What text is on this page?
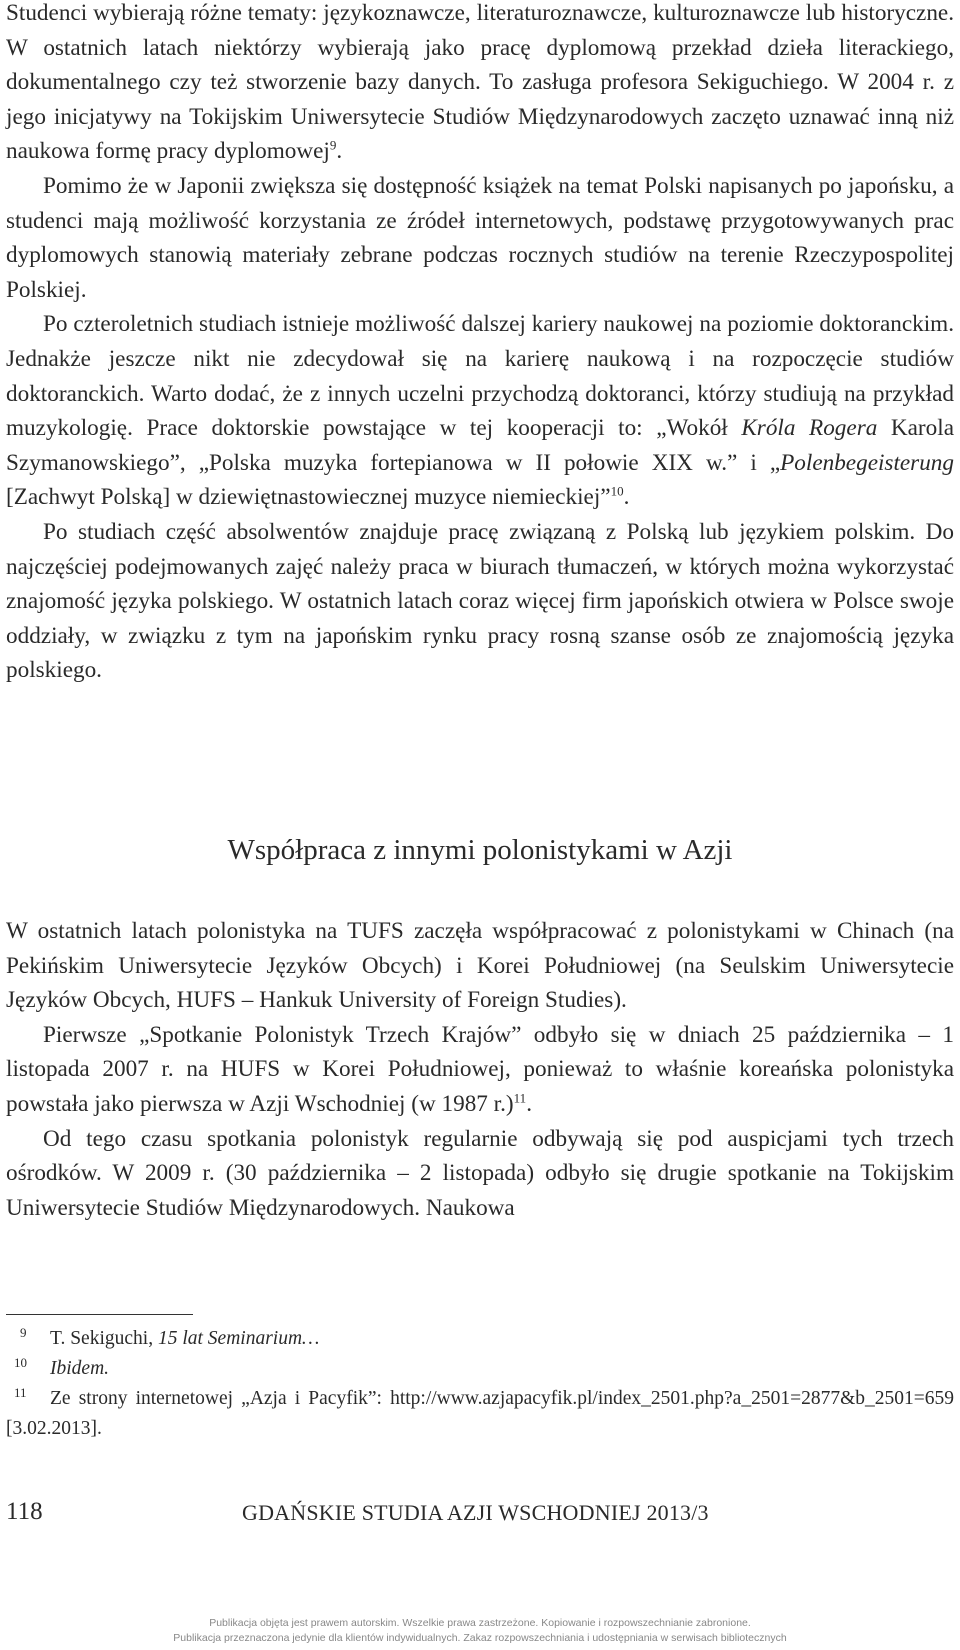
Studenci wybierają różne tematy: językoznawcze, literaturoznawcze, kulturoznawcze lub historyczne. W ostatnich latach niektórzy wybierają jako pracę dyplomową przekład dzieła literackiego, dokumentalnego czy też stworzenie bazy danych. To zasługa profesora Sekiguchiego. W 2004 r. z jego inicjatywy na Tokijskim Uniwersytecie Studiów Międzynarodowych zaczęto uznawać inną niż naukowa formę pracy dyplomowej$^9$.

Pomimo że w Japonii zwiększa się dostępność książek na temat Polski napisanych po japońsku, a studenci mają możliwość korzystania ze źródeł internetowych, podstawę przygotowywanych prac dyplomowych stanowią materiały zebrane podczas rocznych studiów na terenie Rzeczypospolitej Polskiej.

Po czteroletnich studiach istnieje możliwość dalszej kariery naukowej na poziomie doktoranckim. Jednakże jeszcze nikt nie zdecydował się na karierę naukową i na rozpoczęcie studiów doktoranckich. Warto dodać, że z innych uczelni przychodzą doktoranci, którzy studiują na przykład muzykologię. Prace doktorskie powstające w tej kooperacji to: „Wokół Króla Rogera Karola Szymanowskiego”, „Polska muzyka fortepianowa w II połowie XIX w.” i „Polenbegeisterung [Zachwyt Polską] w dziewiętnastowiecznej muzyce niemieckiej”$^{10}$.

Po studiach część absolwentów znajduje pracę związaną z Polską lub językiem polskim. Do najczęściej podejmowanych zajęć należy praca w biurach tłumaczeń, w których można wykorzystać znajomość języka polskiego. W ostatnich latach coraz więcej firm japońskich otwiera w Polsce swoje oddziały, w związku z tym na japońskim rynku pracy rosną szanse osób ze znajomością języka polskiego.

Współpraca z innymi polonistykami w Azji

W ostatnich latach polonistyka na TUFS zaczęła współpracować z polonistykami w Chinach (na Pekińskim Uniwersytecie Języków Obcych) i Korei Południowej (na Seulskim Uniwersytecie Języków Obcych, HUFS – Hankuk University of Foreign Studies).

Pierwsze „Spotkanie Polonistyk Trzech Krajów” odbyło się w dniach 25 października – 1 listopada 2007 r. na HUFS w Korei Południowej, ponieważ to właśnie koreańska polonistyka powstała jako pierwsza w Azji Wschodniej (w 1987 r.)$^{11}$.

Od tego czasu spotkania polonistyk regularnie odbywają się pod auspicjami tych trzech ośrodków. W 2009 r. (30 października – 2 listopada) odbyło się drugie spotkanie na Tokijskim Uniwersytecie Studiów Międzynarodowych. Naukowa

9 T. Sekiguchi, 15 lat Seminarium…

10 Ibidem.

11 Ze strony internetowej „Azja i Pacyfik”: http://www.azjapacyfik.pl/index_2501.php?a_2501=2877&b_2501=659 [3.02.2013].

118	GDAŃSKIE STUDIA AZJI WSCHODNIEJ 2013/3
Publikacja objęta jest prawem autorskim. Wszelkie prawa zastrzeżone. Kopiowanie i rozpowszechnianie zabronione.
Publikacja przeznaczona jedynie dla klientów indywidualnych. Zakaz rozpowszechniania i udostępniania w serwisach bibliotecznych
